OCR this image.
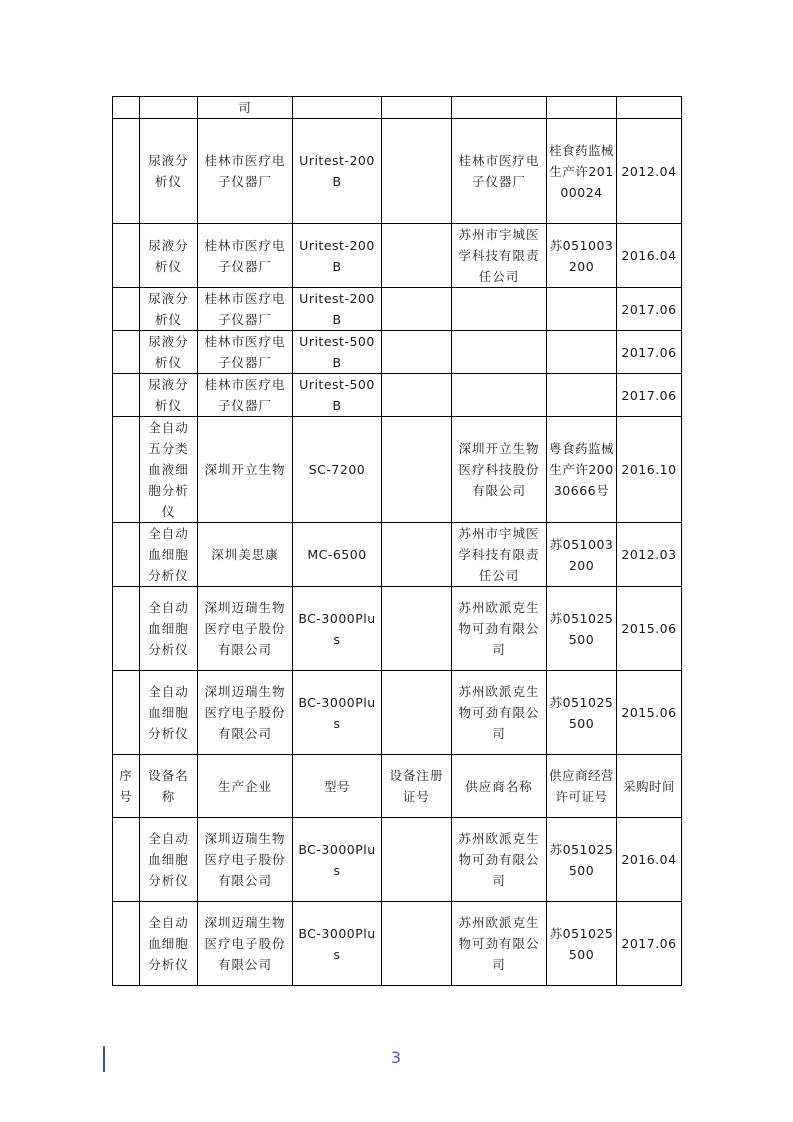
		司					
	尿液分析仪	桂林市医疗电子仪器厂	Uritest-200B		桂林市医疗电子仪器厂	桂食药监械生产许20100024	2012.04
	尿液分析仪	桂林市医疗电子仪器厂	Uritest-200B		苏州市宇城医学科技有限责任公司	苏051003200	2016.04
	尿液分析仪	桂林市医疗电子仪器厂	Uritest-200B				2017.06
	尿液分析仪	桂林市医疗电子仪器厂	Uritest-500B				2017.06
	尿液分析仪	桂林市医疗电子仪器厂	Uritest-500B				2017.06
	全自动五分类血液细胞分析仪	深圳开立生物	SC-7200		深圳开立生物医疗科技股份有限公司	粤食药监械生产许20030666号	2016.10
	全自动血细胞分析仪	深圳美思康	MC-6500		苏州市宇城医学科技有限责任公司	苏051003200	2012.03
	全自动血细胞分析仪	深圳迈瑞生物医疗电子股份有限公司	BC-3000Plus		苏州欧派克生物可劲有限公司	苏051025500	2015.06
	全自动血细胞分析仪	深圳迈瑞生物医疗电子股份有限公司	BC-3000Plus		苏州欧派克生物可劲有限公司	苏051025500	2015.06
序号	设备名称	生产企业	型号	设备注册证号	供应商名称	供应商经营许可证号	采购时间
	全自动血细胞分析仪	深圳迈瑞生物医疗电子股份有限公司	BC-3000Plus		苏州欧派克生物可劲有限公司	苏051025500	2016.04
	全自动血细胞分析仪	深圳迈瑞生物医疗电子股份有限公司	BC-3000Plus		苏州欧派克生物可劲有限公司	苏051025500	2017.06
3
